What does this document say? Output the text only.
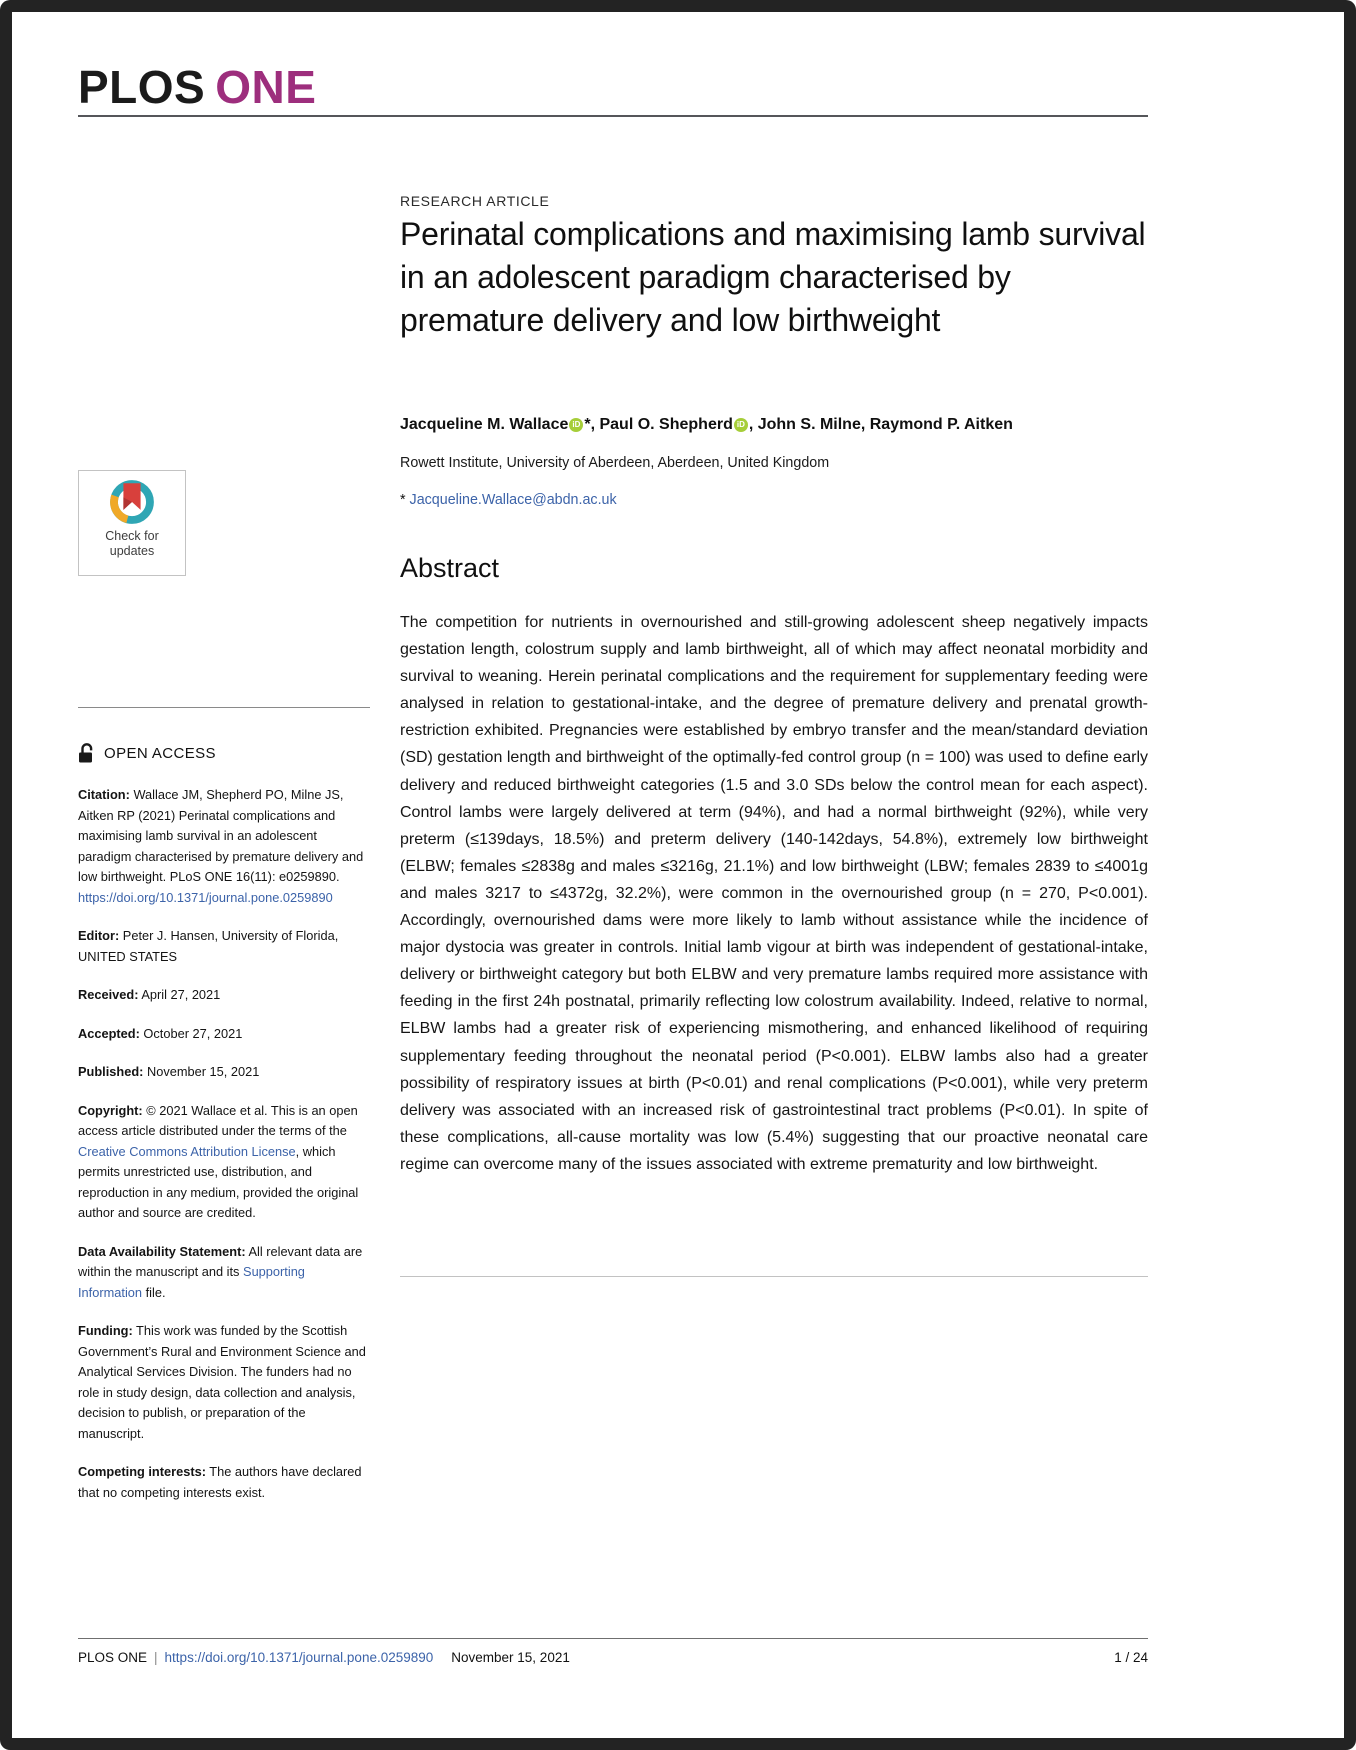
PLOS ONE
Check for
updates
OPEN ACCESS

Citation: Wallace JM, Shepherd PO, Milne JS, Aitken RP (2021) Perinatal complications and maximising lamb survival in an adolescent paradigm characterised by premature delivery and low birthweight. PLoS ONE 16(11): e0259890. https://doi.org/10.1371/journal.pone.0259890

Editor: Peter J. Hansen, University of Florida, UNITED STATES

Received: April 27, 2021

Accepted: October 27, 2021

Published: November 15, 2021

Copyright: © 2021 Wallace et al. This is an open access article distributed under the terms of the Creative Commons Attribution License, which permits unrestricted use, distribution, and reproduction in any medium, provided the original author and source are credited.

Data Availability Statement: All relevant data are within the manuscript and its Supporting Information file.

Funding: This work was funded by the Scottish Government’s Rural and Environment Science and Analytical Services Division. The funders had no role in study design, data collection and analysis, decision to publish, or preparation of the manuscript.

Competing interests: The authors have declared that no competing interests exist.

RESEARCH ARTICLE
Perinatal complications and maximising lamb survival in an adolescent paradigm characterised by premature delivery and low birthweight
Jacqueline M. Wallace iD *, Paul O. Shepherd iD , John S. Milne, Raymond P. Aitken
Rowett Institute, University of Aberdeen, Aberdeen, United Kingdom
* Jacqueline.Wallace@abdn.ac.uk
Abstract

The competition for nutrients in overnourished and still-growing adolescent sheep negatively impacts gestation length, colostrum supply and lamb birthweight, all of which may affect neonatal morbidity and survival to weaning. Herein perinatal complications and the requirement for supplementary feeding were analysed in relation to gestational-intake, and the degree of premature delivery and prenatal growth-restriction exhibited. Pregnancies were established by embryo transfer and the mean/standard deviation (SD) gestation length and birthweight of the optimally-fed control group (n = 100) was used to define early delivery and reduced birthweight categories (1.5 and 3.0 SDs below the control mean for each aspect). Control lambs were largely delivered at term (94%), and had a normal birthweight (92%), while very preterm (≤139days, 18.5%) and preterm delivery (140-142days, 54.8%), extremely low birthweight (ELBW; females ≤2838g and males ≤3216g, 21.1%) and low birthweight (LBW; females 2839 to ≤4001g and males 3217 to ≤4372g, 32.2%), were common in the overnourished group (n = 270, P<0.001). Accordingly, overnourished dams were more likely to lamb without assistance while the incidence of major dystocia was greater in controls. Initial lamb vigour at birth was independent of gestational-intake, delivery or birthweight category but both ELBW and very premature lambs required more assistance with feeding in the first 24h postnatal, primarily reflecting low colostrum availability. Indeed, relative to normal, ELBW lambs had a greater risk of experiencing mismothering, and enhanced likelihood of requiring supplementary feeding throughout the neonatal period (P<0.001). ELBW lambs also had a greater possibility of respiratory issues at birth (P<0.01) and renal complications (P<0.001), while very preterm delivery was associated with an increased risk of gastrointestinal tract problems (P<0.01). In spite of these complications, all-cause mortality was low (5.4%) suggesting that our proactive neonatal care regime can overcome many of the issues associated with extreme prematurity and low birthweight.

PLOS ONE | https://doi.org/10.1371/journal.pone.0259890 November 15, 2021	1 / 24
